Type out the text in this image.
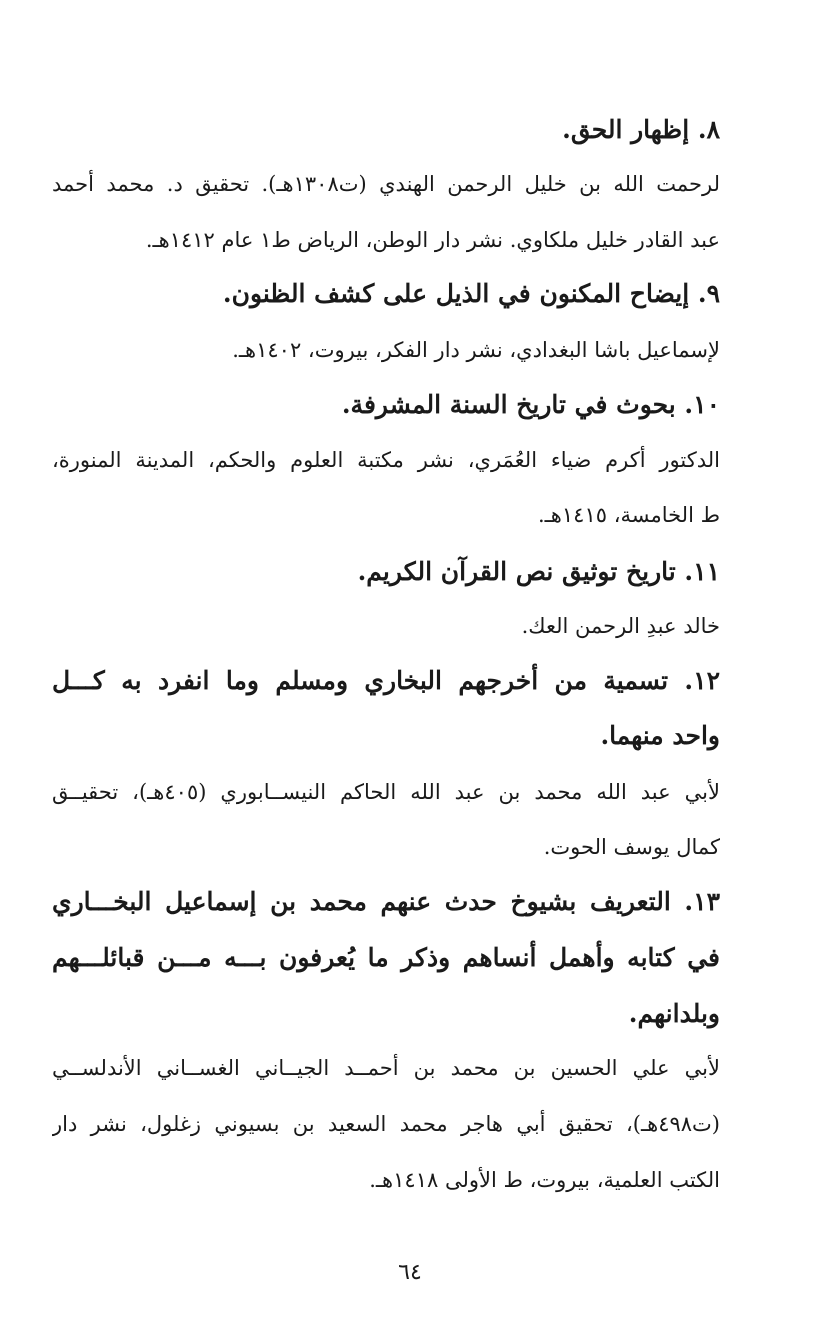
٨. إظهار الحق.
لرحمت الله بن خليل الرحمن الهندي (ت١٣٠٨هـ). تحقيق د. محمد أحمد
عبد القادر خليل ملكاوي. نشر دار الوطن، الرياض ط١ عام ١٤١٢هـ.
٩. إيضاح المكنون في الذيل على كشف الظنون.
لإسماعيل باشا البغدادي، نشر دار الفكر، بيروت، ١٤٠٢هـ.
١٠. بحوث في تاريخ السنة المشرفة.
الدكتور أكرم ضياء العُمَري، نشر مكتبة العلوم والحكم، المدينة المنورة،
ط الخامسة، ١٤١٥هـ.
١١. تاريخ توثيق نص القرآن الكريم.
خالد عبدِ الرحمن العك.
١٢. تسمية من أخرجهم البخاري ومسلم وما انفرد به كـــل
واحد منهما.
لأبي عبد الله محمد بن عبد الله الحاكم النيســابوري (٤٠٥هـ)، تحقيــق
كمال يوسف الحوت.
١٣. التعريف بشيوخ حدث عنهم محمد بن إسماعيل البخـــاري
في كتابه وأهمل أنساهم وذكر ما يُعرفون بـــه مـــن قبائلـــهم
وبلدانهم.
لأبي علي الحسين بن محمد بن أحمــد الجيــاني الغســاني الأندلســي
(ت٤٩٨هـ)، تحقيق أبي هاجر محمد السعيد بن بسيوني زغلول، نشر دار
الكتب العلمية، بيروت، ط الأولى ١٤١٨هـ.
٦٤
